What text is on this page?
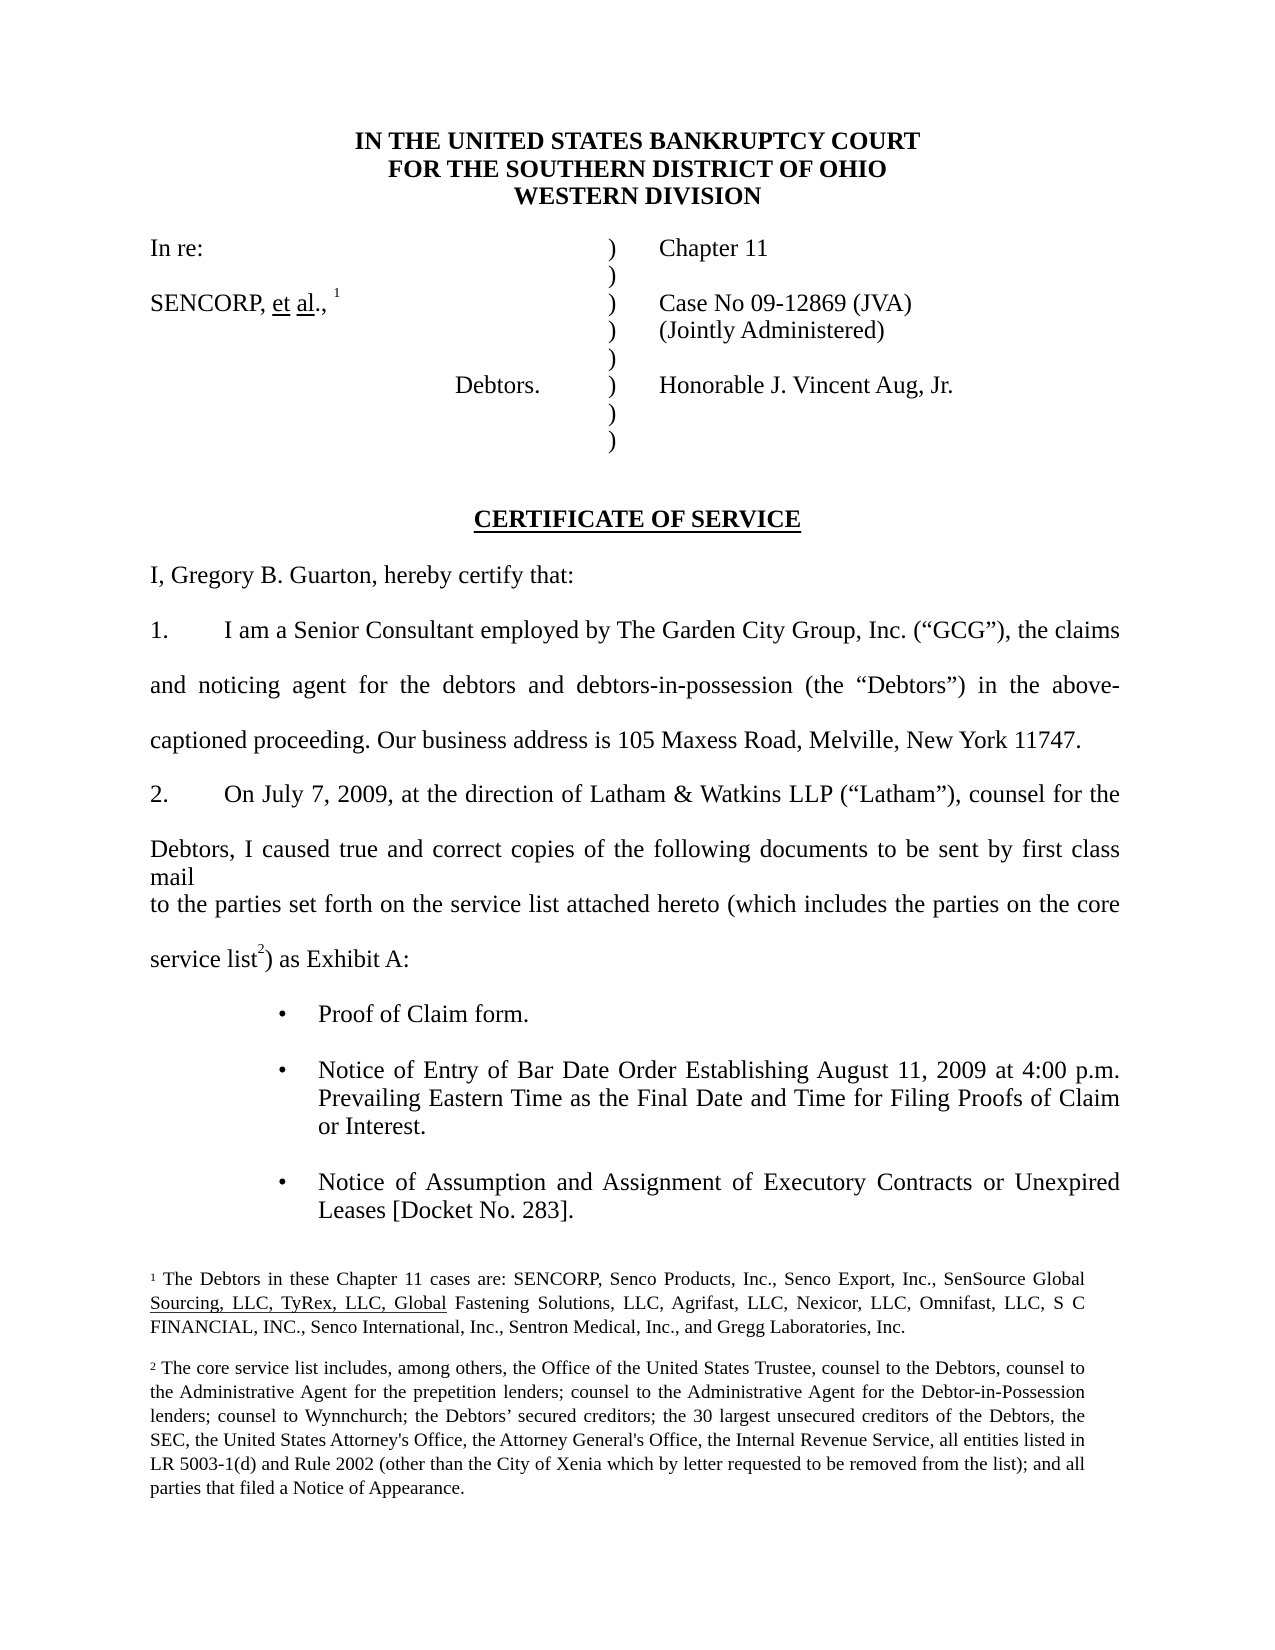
IN THE UNITED STATES BANKRUPTCY COURT
FOR THE SOUTHERN DISTRICT OF OHIO
WESTERN DIVISION
In re:
SENCORP, et al., $^1$
Debtors.
)
)
)
)
)
)
)
)
Chapter 11
Case No 09-12869 (JVA)
(Jointly Administered)
Honorable J. Vincent Aug, Jr.
CERTIFICATE OF SERVICE
I, Gregory B. Guarton, hereby certify that:
1. I am a Senior Consultant employed by The Garden City Group, Inc. (“GCG”), the claims
and noticing agent for the debtors and debtors-in-possession (the “Debtors”) in the above-
captioned proceeding. Our business address is 105 Maxess Road, Melville, New York 11747.
2. On July 7, 2009, at the direction of Latham & Watkins LLP (“Latham”), counsel for the
Debtors, I caused true and correct copies of the following documents to be sent by first class mail
to the parties set forth on the service list attached hereto (which includes the parties on the core
service list$^2$) as Exhibit A:
• Proof of Claim form.
• Notice of Entry of Bar Date Order Establishing August 11, 2009 at 4:00 p.m. Prevailing Eastern Time as the Final Date and Time for Filing Proofs of Claim or Interest.
• Notice of Assumption and Assignment of Executory Contracts or Unexpired Leases [Docket No. 283].
$^1$ The Debtors in these Chapter 11 cases are: SENCORP, Senco Products, Inc., Senco Export, Inc., SenSource Global Sourcing, LLC, TyRex, LLC, Global Fastening Solutions, LLC, Agrifast, LLC, Nexicor, LLC, Omnifast, LLC, S C FINANCIAL, INC., Senco International, Inc., Sentron Medical, Inc., and Gregg Laboratories, Inc.
$^2$ The core service list includes, among others, the Office of the United States Trustee, counsel to the Debtors, counsel to the Administrative Agent for the prepetition lenders; counsel to the Administrative Agent for the Debtor-in-Possession lenders; counsel to Wynnchurch; the Debtors’ secured creditors; the 30 largest unsecured creditors of the Debtors, the SEC, the United States Attorney's Office, the Attorney General's Office, the Internal Revenue Service, all entities listed in LR 5003-1(d) and Rule 2002 (other than the City of Xenia which by letter requested to be removed from the list); and all parties that filed a Notice of Appearance.
